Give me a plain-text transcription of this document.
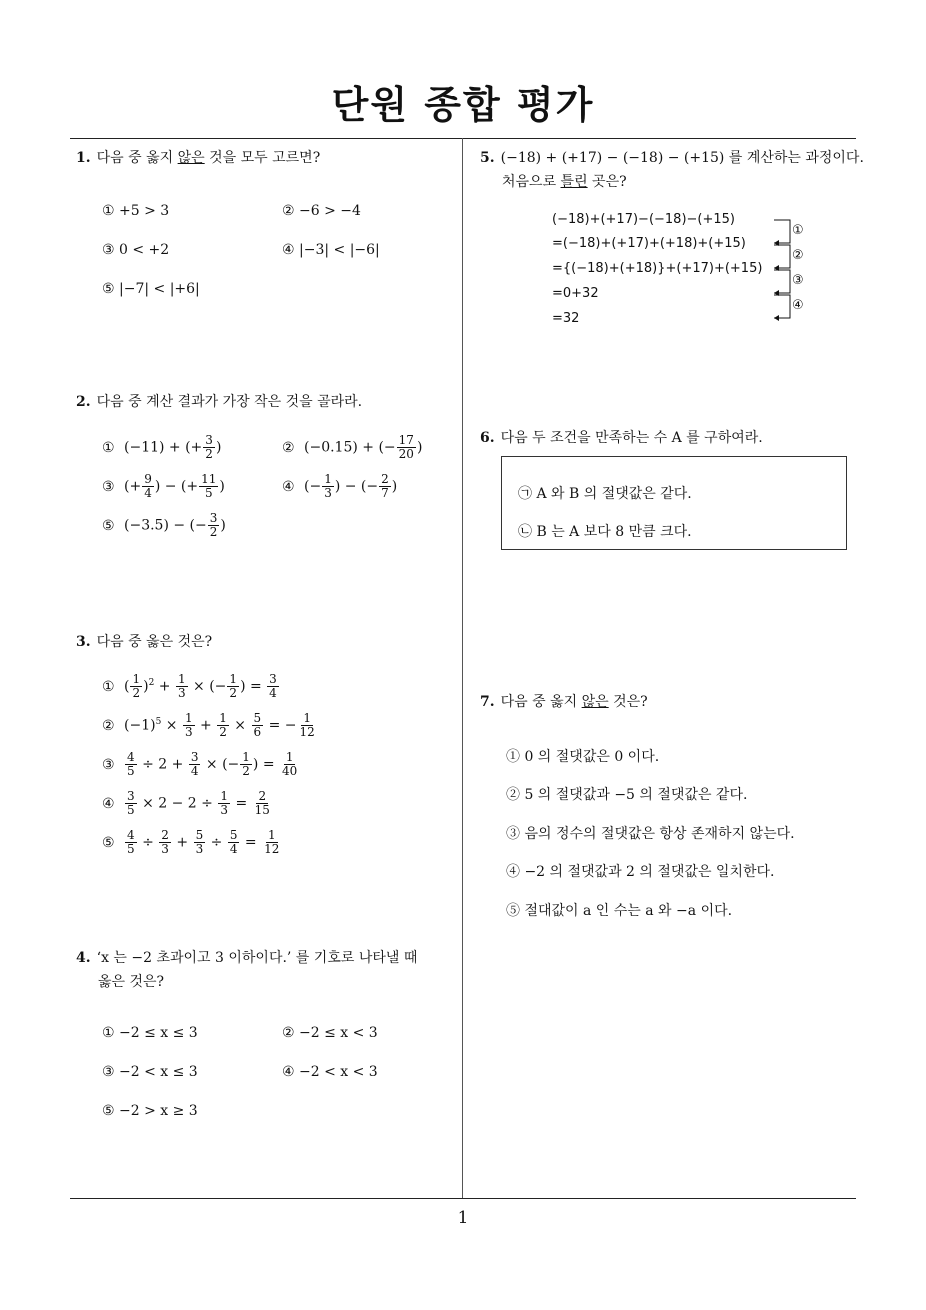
단원 종합 평가
1
1. 다음 중 옳지 않은 것을 모두 고르면?
① +5 > 3	② −6 > −4
③ 0 < +2	④ |−3| < |−6|
⑤ |−7| < |+6|
2. 다음 중 계산 결과가 가장 작은 것을 골라라.
① (−11) + (+ $\frac{3}{2}$ )	② (−0.15) + (− $\frac{17}{20}$ )
③ (+ $\frac{9}{4}$ ) − (+ $\frac{11}{5}$ )	④ (− $\frac{1}{3}$ ) − (− $\frac{2}{7}$ )
⑤ (−3.5) − (− $\frac{3}{2}$ )
3. 다음 중 옳은 것은?
① ( $\frac{1}{2} )^2 + \frac{1}{3}$ × (− $\frac{1}{2}$ ) = $\frac{3}{4}$
② $(-1)^5 \times \frac{1}{3} + \frac{1}{2} \times \frac{5}{6}$ = − $\frac{1}{12}$
③ $\frac{4}{5} \div 2 + \frac{3}{4}$ × (− $\frac{1}{2}$ ) = $\frac{1}{40}$
④ $\frac{3}{5} \times 2 - 2 \div \frac{1}{3} = \frac{2}{15}$
⑤ $\frac{4}{5} \div \frac{2}{3} + \frac{5}{3} \div \frac{5}{4} = \frac{1}{12}$
4. ‘x 는 −2 초과이고 3 이하이다.’ 를 기호로 나타낼 때
옳은 것은?
① −2 ≤ x ≤ 3	② −2 ≤ x < 3
③ −2 < x ≤ 3	④ −2 < x < 3
⑤ −2 > x ≥ 3
5. (−18) + (+17) − (−18) − (+15) 를 계산하는 과정이다.
처음으로 틀린 곳은?
(−18)+(+17)−(−18)−(+15)
=(−18)+(+17)+(+18)+(+15)
={(−18)+(+18)}+(+17)+(+15)
=0+32
=32
①
②
③
④
6. 다음 두 조건을 만족하는 수 A 를 구하여라.
㉠ A 와 B 의 절댓값은 같다.
㉡ B 는 A 보다 8 만큼 크다.
7. 다음 중 옳지 않은 것은?
① 0 의 절댓값은 0 이다.
② 5 의 절댓값과 −5 의 절댓값은 같다.
③ 음의 정수의 절댓값은 항상 존재하지 않는다.
④ −2 의 절댓값과 2 의 절댓값은 일치한다.
⑤ 절대값이 a 인 수는 a 와 −a 이다.
